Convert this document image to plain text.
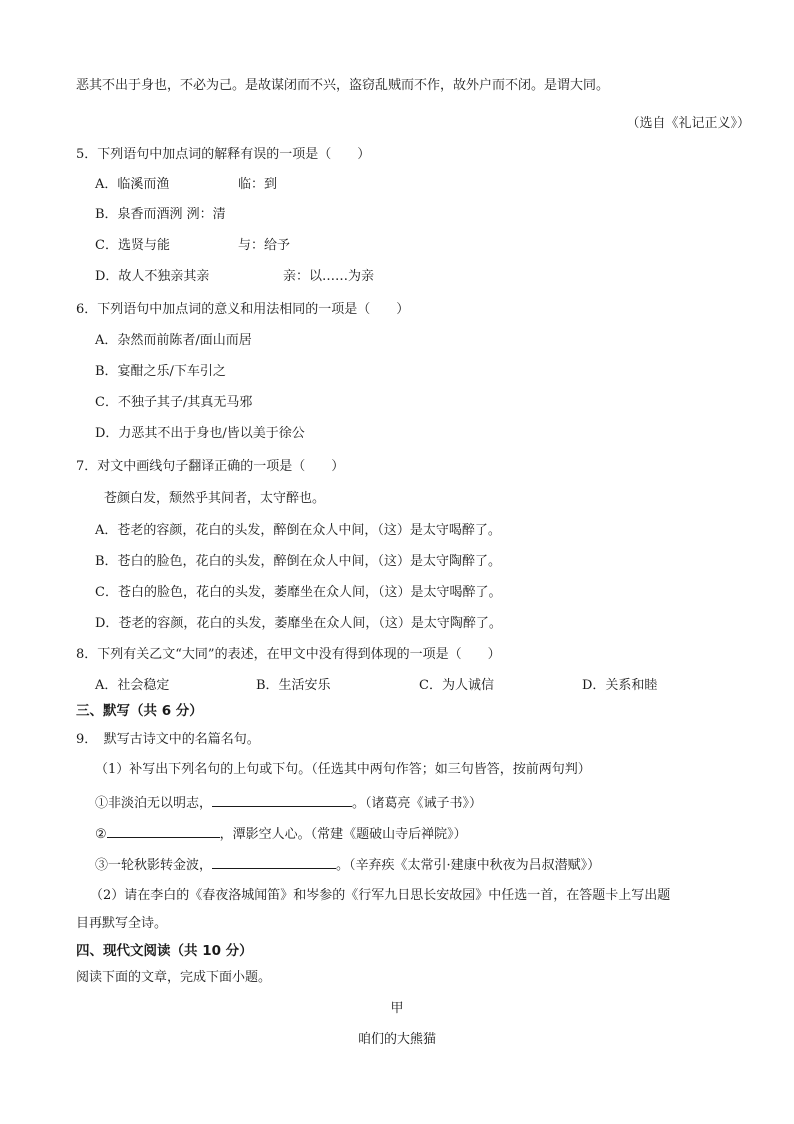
恶其不出于身也，不必为己。是故谋闭而不兴，盗窃乱贼而不作，故外户而不闭。是谓大同。
（选自《礼记正义》）
5．下列语句中加点词的解释有误的一项是（　　）
A．临溪而渔	临：到
B．泉香而酒洌 洌：清
C．选贤与能	与：给予
D．故人不独亲其亲	亲：以……为亲
6．下列语句中加点词的意义和用法相同的一项是（　　）
A．杂然而前陈者/面山而居
B．宴酣之乐/下车引之
C．不独子其子/其真无马邪
D．力恶其不出于身也/皆以美于徐公
7．对文中画线句子翻译正确的一项是（　　）
苍颜白发，颓然乎其间者，太守醉也。
A．苍老的容颜，花白的头发，醉倒在众人中间，（这）是太守喝醉了。
B．苍白的脸色，花白的头发，醉倒在众人中间，（这）是太守陶醉了。
C．苍白的脸色，花白的头发，萎靡坐在众人间，（这）是太守喝醉了。
D．苍老的容颜，花白的头发，萎靡坐在众人间，（这）是太守陶醉了。
8．下列有关乙文“大同”的表述，在甲文中没有得到体现的一项是（　　）
A．社会稳定	B．生活安乐	C．为人诚信	D．关系和睦
三、默写（共 6 分）
9．　默写古诗文中的名篇名句。
（1）补写出下列名句的上句或下句。（任选其中两句作答；如三句皆答，按前两句判）
①非淡泊无以明志，	。（诸葛亮《诫子书》）
②	，潭影空人心。（常建《题破山寺后禅院》）
③一轮秋影转金波，	。（辛弃疾《太常引·建康中秋夜为吕叔潜赋》）
（2）请在李白的《春夜洛城闻笛》和岑参的《行军九日思长安故园》中任选一首，在答题卡上写出题
目再默写全诗。
四、现代文阅读（共 10 分）
阅读下面的文章，完成下面小题。
甲
咱们的大熊猫
